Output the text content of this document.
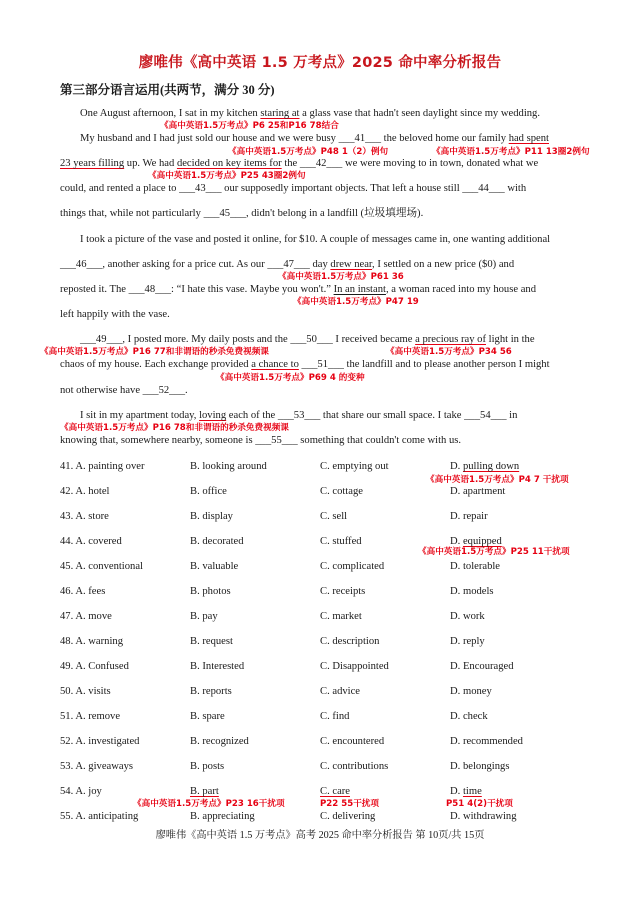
廖唯伟《高中英语 1.5 万考点》2025 命中率分析报告
第三部分语言运用(共两节，满分 30 分)
One August afternoon, I sat in my kitchen staring at a glass vase that hadn't seen daylight since my wedding.
《高中英语1.5万考点》P6 25和P16 78结合
My husband and I had just sold our house and we were busy ___41___ the beloved home our family had spent
《高中英语1.5万考点》P48 1（2）例句	《高中英语1.5万考点》P11 13圈2例句
23 years filling up. We had decided on key items for the ___42___ we were moving to in town, donated what we
《高中英语1.5万考点》P25 43圈2例句
could, and rented a place to ___43___ our supposedly important objects. That left a house still ___44___ with
things that, while not particularly ___45___, didn't belong in a landfill (垃圾填埋场).
I took a picture of the vase and posted it online, for $10. A couple of messages came in, one wanting additional
___46___, another asking for a price cut. As our ___47___ day drew near, I settled on a new price ($0) and
《高中英语1.5万考点》P61 36
reposted it. The ___48___: “I hate this vase. Maybe you won't.” In an instant, a woman raced into my house and
《高中英语1.5万考点》P47 19
left happily with the vase.
___49___, I posted more. My daily posts and the ___50___ I received became a precious ray of light in the
《高中英语1.5万考点》P16 77和非谓语的秒杀免费视频课	《高中英语1.5万考点》P34 56
chaos of my house. Each exchange provided a chance to ___51___ the landfill and to please another person I might
《高中英语1.5万考点》P69 4 的变种
not otherwise have ___52___.
I sit in my apartment today, loving each of the ___53___ that share our small space. I take ___54___ in
《高中英语1.5万考点》P16 78和非谓语的秒杀免费视频课
knowing that, somewhere nearby, someone is ___55___ something that couldn't come with us.
41. A. painting over	B. looking around	C. emptying out	D. pulling down
《高中英语1.5万考点》P4 7 干扰项
42. A. hotel	B. office	C. cottage	D. apartment
43. A. store	B. display	C. sell	D. repair
44. A. covered	B. decorated	C. stuffed	D. equipped
《高中英语1.5万考点》P25 11干扰项
45. A. conventional	B. valuable	C. complicated	D. tolerable
46. A. fees	B. photos	C. receipts	D. models
47. A. move	B. pay	C. market	D. work
48. A. warning	B. request	C. description	D. reply
49. A. Confused	B. Interested	C. Disappointed	D. Encouraged
50. A. visits	B. reports	C. advice	D. money
51. A. remove	B. spare	C. find	D. check
52. A. investigated	B. recognized	C. encountered	D. recommended
53. A. giveaways	B. posts	C. contributions	D. belongings
54. A. joy	B. part	C. care	D. time
《高中英语1.5万考点》P23 16干扰项	P22 55干扰项	P51 4(2)干扰项
55. A. anticipating	B. appreciating	C. delivering	D. withdrawing
廖唯伟《高中英语 1.5 万考点》高考 2025 命中率分析报告 第 10页/共 15页
